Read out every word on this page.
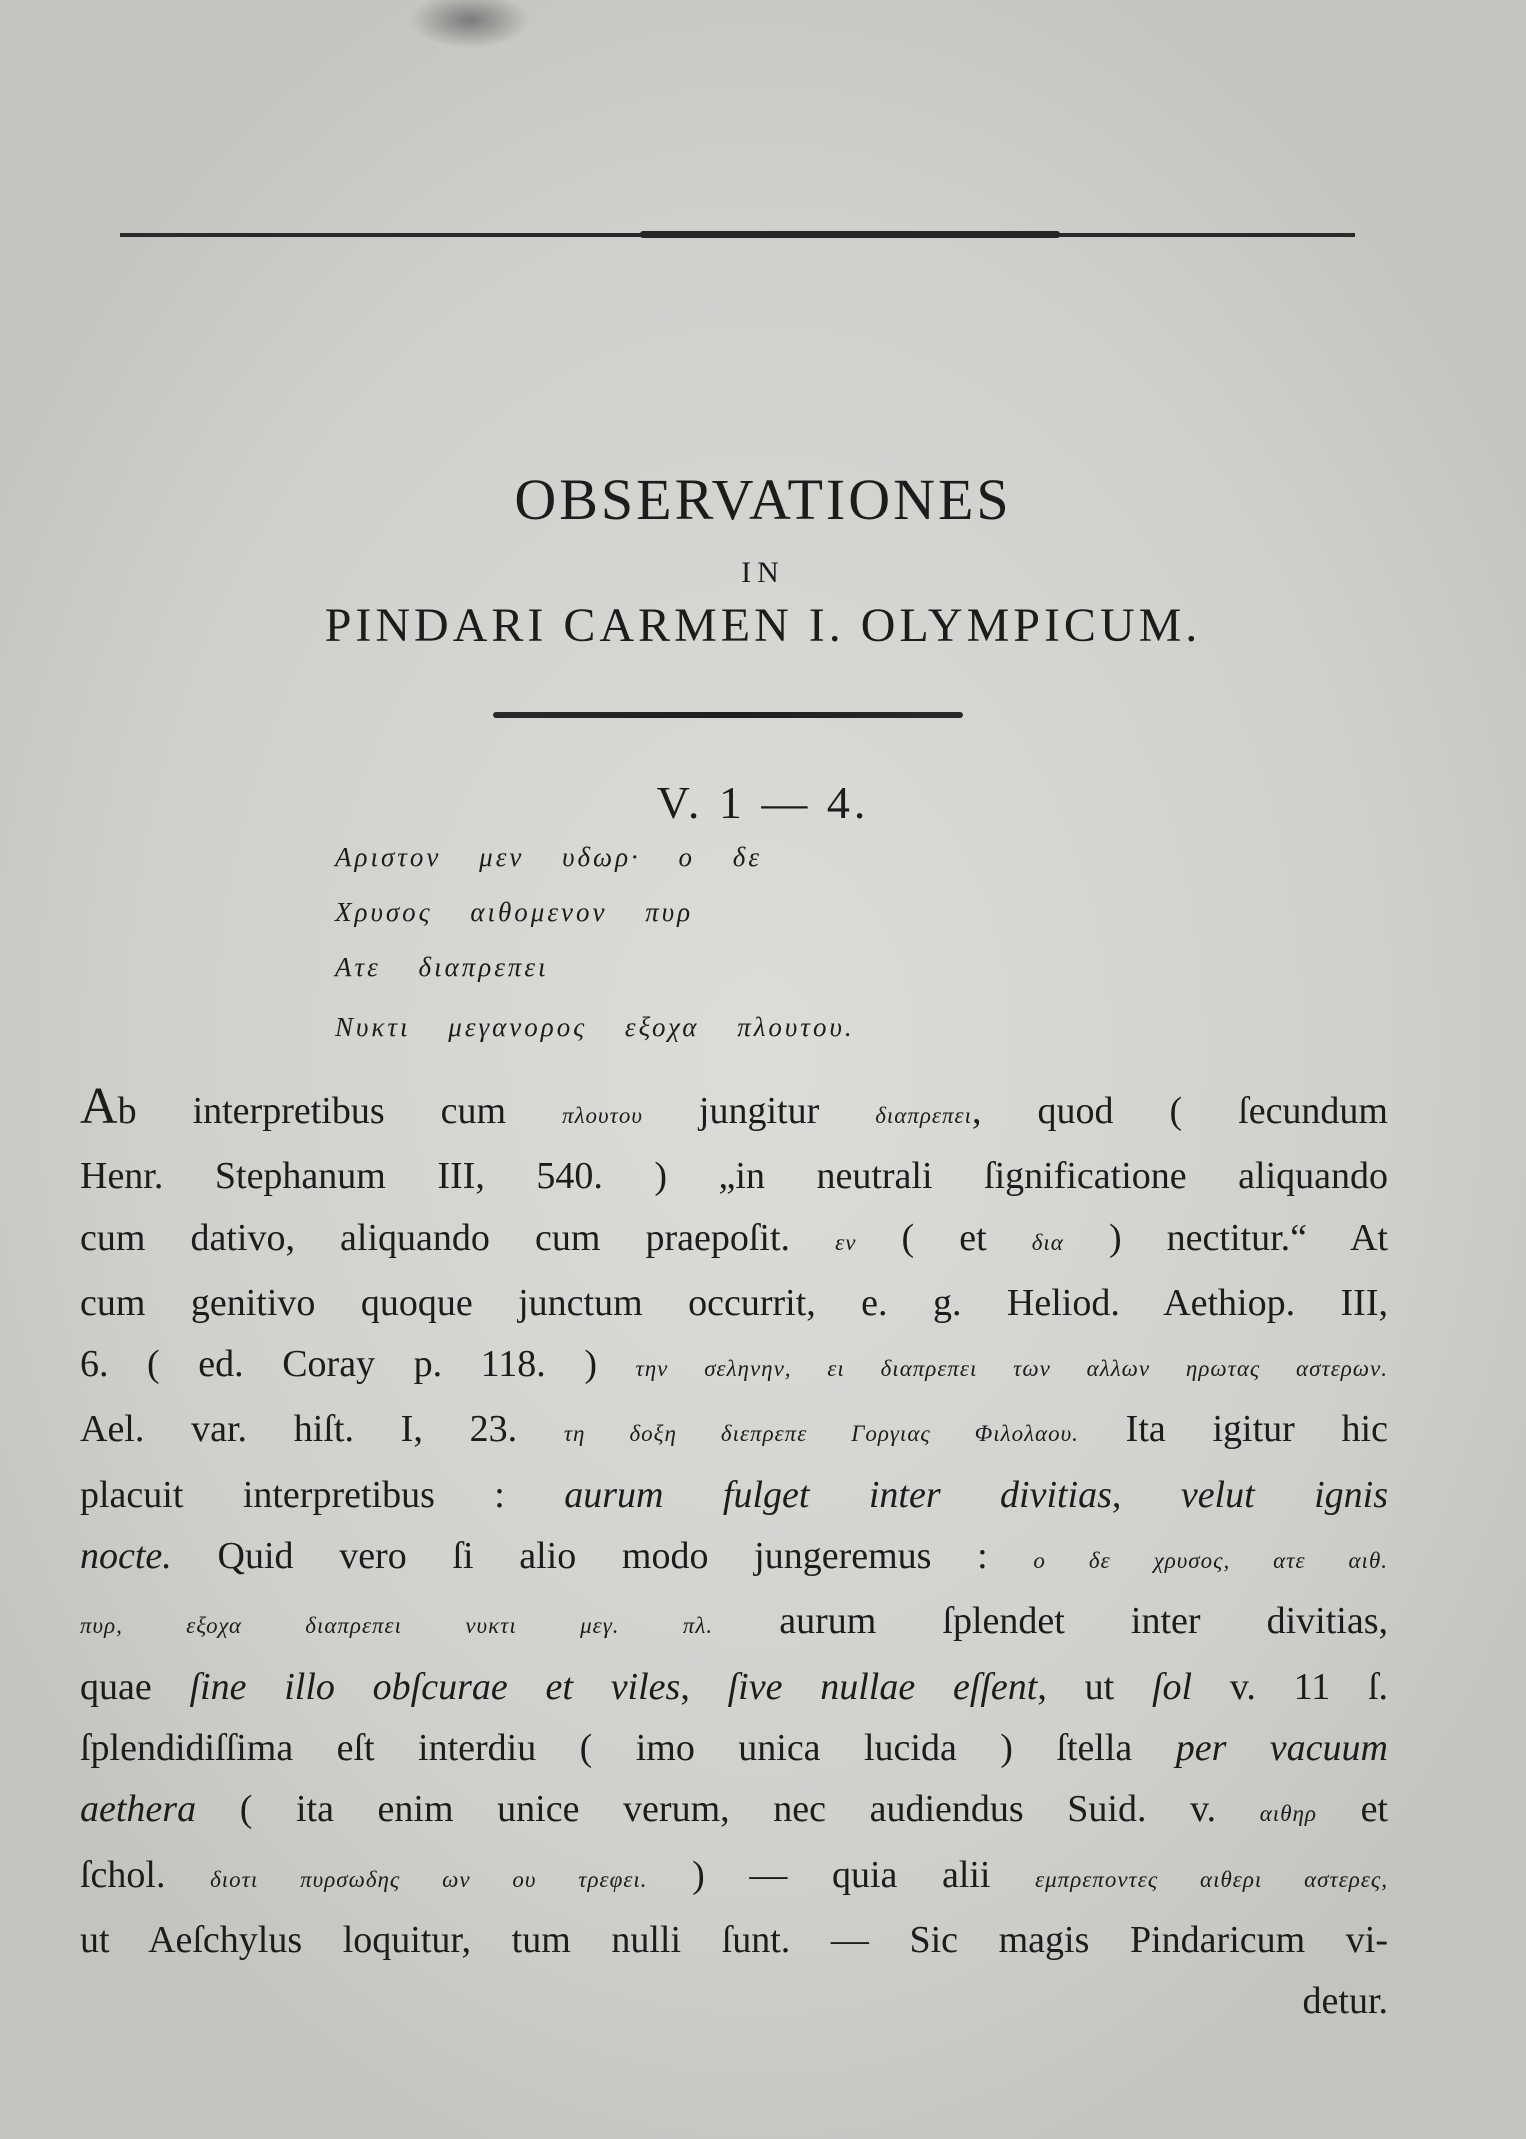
OBSERVATIONES
IN
PINDARI CARMEN I. OLYMPICUM.
V. 1 — 4.
Αριστον μεν υδωρ· ο δε
Χρυσος αιθομενον πυρ
Ατε διαπρεπει
Νυκτι μεγανορος εξοχα πλουτου.
Ab interpretibus cum πλουτου jungitur διαπρεπει, quod ( ſecundum
Henr. Stephanum III, 540. ) „in neutrali ſignificatione aliquando
cum dativo, aliquando cum praepoſit. εν ( et δια ) nectitur.“ At
cum genitivo quoque junctum occurrit, e. g. Heliod. Aethiop. III,
6. ( ed. Coray p. 118. ) την σεληνην, ει διαπρεπει των αλλων ηρωτας αστερων.
Ael. var. hiſt. I, 23. τη δοξη διεπρεπε Γοργιας Φιλολαου. Ita igitur hic
placuit interpretibus : aurum fulget inter divitias, velut ignis
nocte. Quid vero ſi alio modo jungeremus : ο δε χρυσος, ατε αιθ.
πυρ, εξοχα διαπρεπει νυκτι μεγ. πλ. aurum ſplendet inter divitias,
quae ſine illo obſcurae et viles, ſive nullae eſſent, ut ſol v. 11 ſ.
ſplendidiſſima eſt interdiu ( imo unica lucida ) ſtella per vacuum
aethera ( ita enim unice verum, nec audiendus Suid. v. αιθηρ et
ſchol. διοτι πυρσωδης ων ου τρεφει. ) — quia alii εμπρεποντες αιθερι αστερες,
ut Aeſchylus loquitur, tum nulli ſunt. — Sic magis Pindaricum vi-
detur.
